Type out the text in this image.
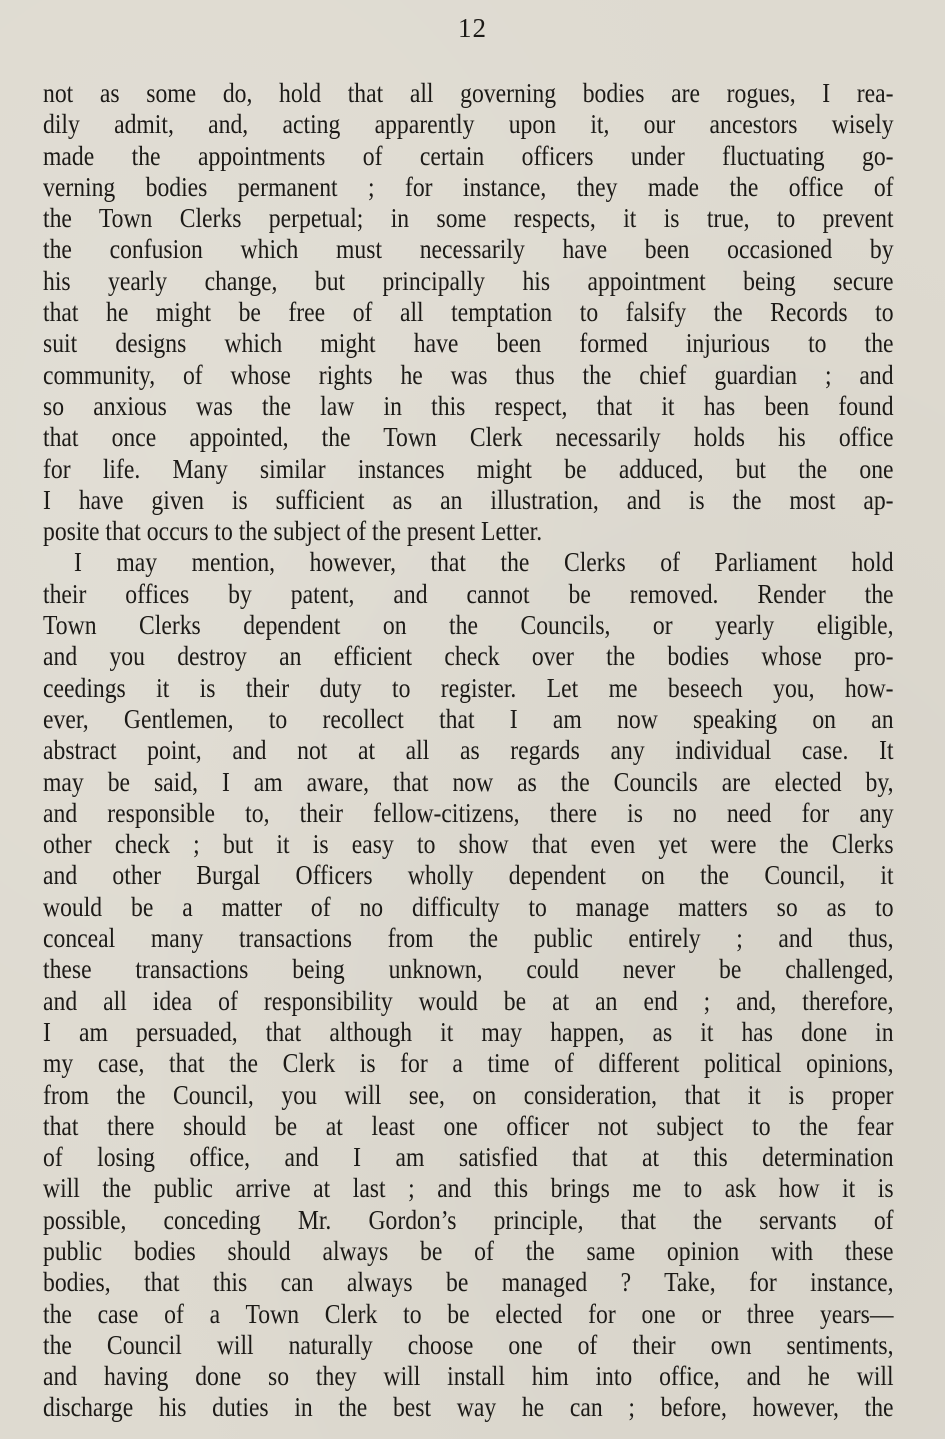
12
not as some do, hold that all governing bodies are rogues, I rea-
dily admit, and, acting apparently upon it, our ancestors wisely
made the appointments of certain officers under fluctuating go-
verning bodies permanent ; for instance, they made the office of
the Town Clerks perpetual; in some respects, it is true, to prevent
the confusion which must necessarily have been occasioned by
his yearly change, but principally his appointment being secure
that he might be free of all temptation to falsify the Records to
suit designs which might have been formed injurious to the
community, of whose rights he was thus the chief guardian ; and
so anxious was the law in this respect, that it has been found
that once appointed, the Town Clerk necessarily holds his office
for life. Many similar instances might be adduced, but the one
I have given is sufficient as an illustration, and is the most ap-
posite that occurs to the subject of the present Letter.
I may mention, however, that the Clerks of Parliament hold
their offices by patent, and cannot be removed. Render the
Town Clerks dependent on the Councils, or yearly eligible,
and you destroy an efficient check over the bodies whose pro-
ceedings it is their duty to register. Let me beseech you, how-
ever, Gentlemen, to recollect that I am now speaking on an
abstract point, and not at all as regards any individual case. It
may be said, I am aware, that now as the Councils are elected by,
and responsible to, their fellow-citizens, there is no need for any
other check ; but it is easy to show that even yet were the Clerks
and other Burgal Officers wholly dependent on the Council, it
would be a matter of no difficulty to manage matters so as to
conceal many transactions from the public entirely ; and thus,
these transactions being unknown, could never be challenged,
and all idea of responsibility would be at an end ; and, therefore,
I am persuaded, that although it may happen, as it has done in
my case, that the Clerk is for a time of different political opinions,
from the Council, you will see, on consideration, that it is proper
that there should be at least one officer not subject to the fear
of losing office, and I am satisfied that at this determination
will the public arrive at last ; and this brings me to ask how it is
possible, conceding Mr. Gordon’s principle, that the servants of
public bodies should always be of the same opinion with these
bodies, that this can always be managed ? Take, for instance,
the case of a Town Clerk to be elected for one or three years—
the Council will naturally choose one of their own sentiments,
and having done so they will install him into office, and he will
discharge his duties in the best way he can ; before, however, the
